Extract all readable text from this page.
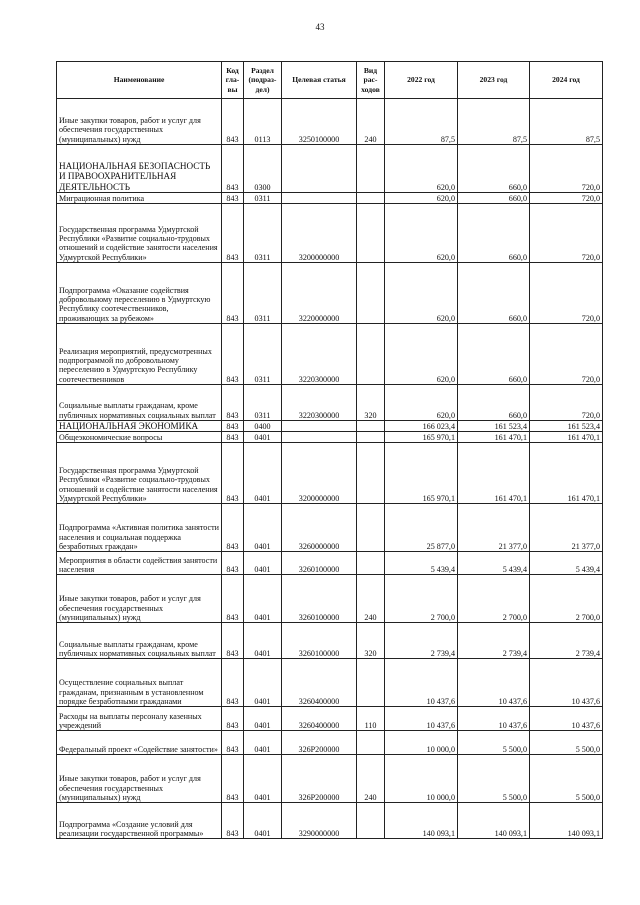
43
Наименование	Код гла- вы	Раздел (подраз- дел)	Целевая статья	Вид рас- ходов	2022 год	2023 год	2024 год

Иные закупки товаров, работ и услуг для обеспечения государственных (муниципальных) нужд	843	0113	3250100000	240	87,5	87,5	87,5

НАЦИОНАЛЬНАЯ БЕЗОПАСНОСТЬ И ПРАВООХРАНИТЕЛЬНАЯ ДЕЯТЕЛЬНОСТЬ	843	0300			620,0	660,0	720,0

Миграционная политика	843	0311			620,0	660,0	720,0

Государственная программа Удмуртской Республики «Развитие социально-трудовых отношений и содействие занятости населения Удмуртской Республики»	843	0311	3200000000		620,0	660,0	720,0

Подпрограмма «Оказание содействия добровольному переселению в Удмуртскую Республику соотечественников, проживающих за рубежом»	843	0311	3220000000		620,0	660,0	720,0

Реализация мероприятий, предусмотренных подпрограммой по добровольному переселению в Удмуртскую Республику соотечественников	843	0311	3220300000		620,0	660,0	720,0

Социальные выплаты гражданам, кроме публичных нормативных социальных выплат	843	0311	3220300000	320	620,0	660,0	720,0

НАЦИОНАЛЬНАЯ ЭКОНОМИКА	843	0400			166 023,4	161 523,4	161 523,4

Общеэкономические вопросы	843	0401			165 970,1	161 470,1	161 470,1

Государственная программа Удмуртской Республики «Развитие социально-трудовых отношений и содействие занятости населения Удмуртской Республики»	843	0401	3200000000		165 970,1	161 470,1	161 470,1

Подпрограмма «Активная политика занятости населения и социальная поддержка безработных граждан»	843	0401	3260000000		25 877,0	21 377,0	21 377,0

Мероприятия в области содействия занятости населения	843	0401	3260100000		5 439,4	5 439,4	5 439,4

Иные закупки товаров, работ и услуг для обеспечения государственных (муниципальных) нужд	843	0401	3260100000	240	2 700,0	2 700,0	2 700,0

Социальные выплаты гражданам, кроме публичных нормативных социальных выплат	843	0401	3260100000	320	2 739,4	2 739,4	2 739,4

Осуществление социальных выплат гражданам, признанным в установленном порядке безработными гражданами	843	0401	3260400000		10 437,6	10 437,6	10 437,6

Расходы на выплаты персоналу казенных учреждений	843	0401	3260400000	110	10 437,6	10 437,6	10 437,6

Федеральный проект «Содействие занятости»	843	0401	326P200000		10 000,0	5 500,0	5 500,0

Иные закупки товаров, работ и услуг для обеспечения государственных (муниципальных) нужд	843	0401	326P200000	240	10 000,0	5 500,0	5 500,0

Подпрограмма «Создание условий для реализации государственной программы»	843	0401	3290000000		140 093,1	140 093,1	140 093,1
